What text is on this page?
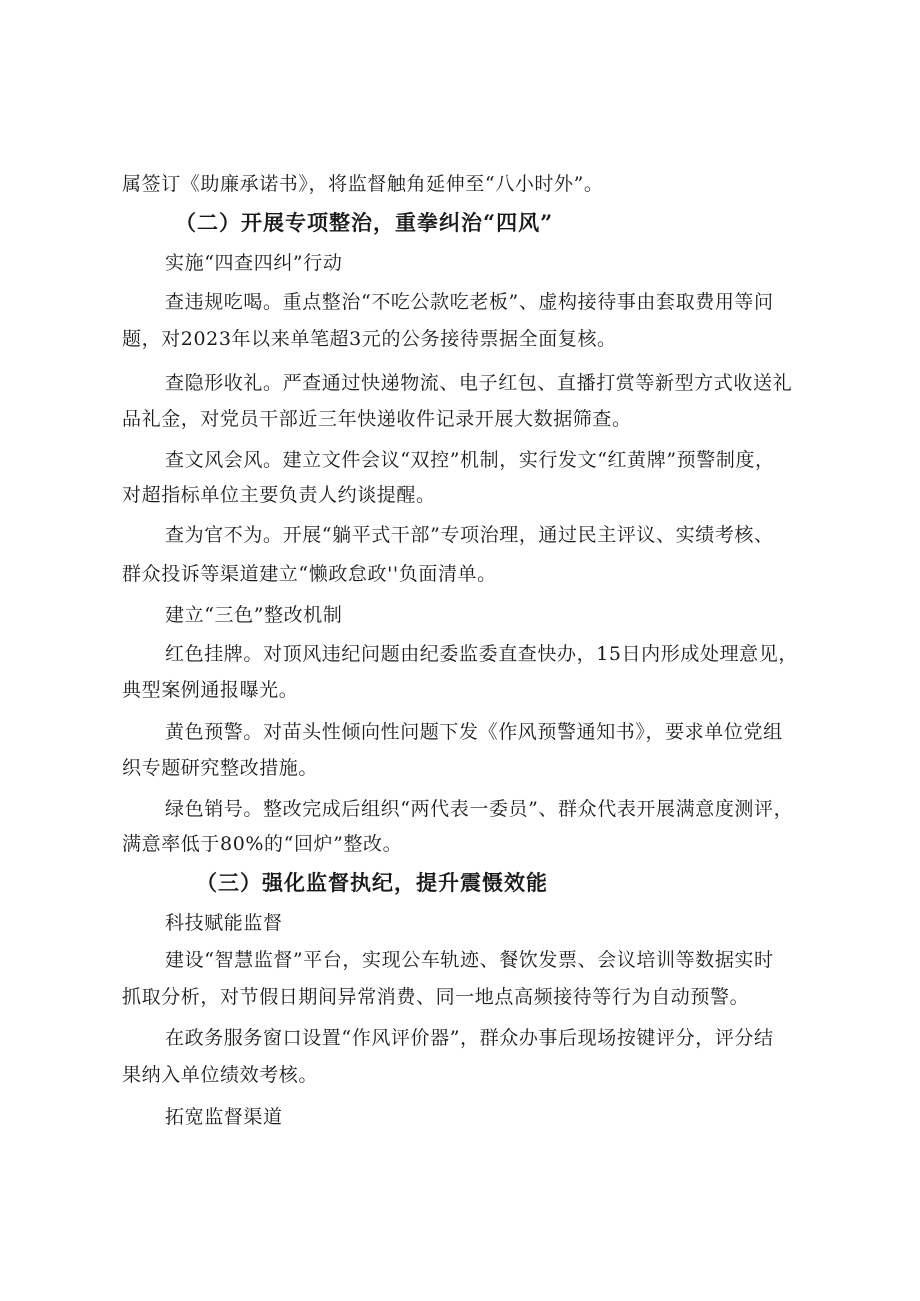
属签订《助廉承诺书》，将监督触角延伸至“八小时外”。
（二）开展专项整治，重拳纠治“四风”
实施“四查四纠”行动
查违规吃喝。重点整治“不吃公款吃老板”、虚构接待事由套取费用等问
题，对2023年以来单笔超3元的公务接待票据全面复核。
查隐形收礼。严查通过快递物流、电子红包、直播打赏等新型方式收送礼
品礼金，对党员干部近三年快递收件记录开展大数据筛查。
查文风会风。建立文件会议“双控”机制，实行发文“红黄牌”预警制度，
对超指标单位主要负责人约谈提醒。
查为官不为。开展“躺平式干部”专项治理，通过民主评议、实绩考核、
群众投诉等渠道建立“懒政怠政''负面清单。
建立“三色”整改机制
红色挂牌。对顶风违纪问题由纪委监委直查快办，15日内形成处理意见，
典型案例通报曝光。
黄色预警。对苗头性倾向性问题下发《作风预警通知书》，要求单位党组
织专题研究整改措施。
绿色销号。整改完成后组织“两代表一委员”、群众代表开展满意度测评，
满意率低于80%的“回炉”整改。
（三）强化监督执纪，提升震慑效能
科技赋能监督
建设“智慧监督”平台，实现公车轨迹、餐饮发票、会议培训等数据实时
抓取分析，对节假日期间异常消费、同一地点高频接待等行为自动预警。
在政务服务窗口设置“作风评价器”，群众办事后现场按键评分，评分结
果纳入单位绩效考核。
拓宽监督渠道
